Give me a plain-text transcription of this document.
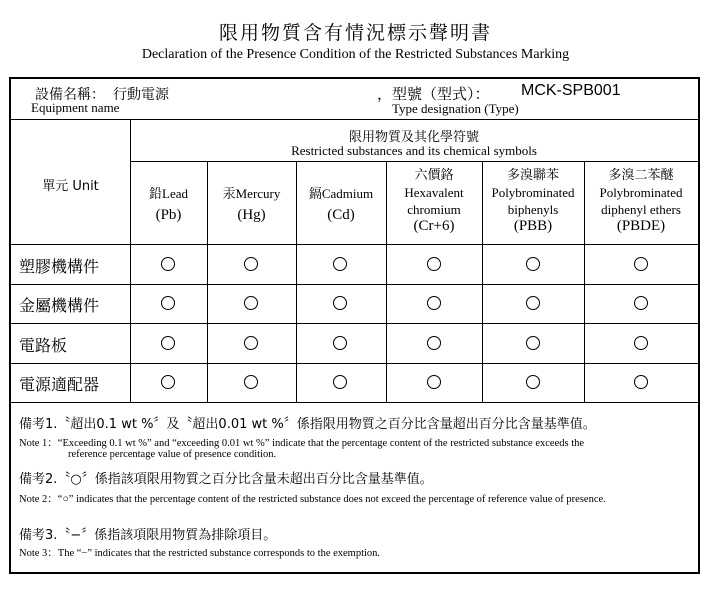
限用物質含有情況標示聲明書
Declaration of the Presence Condition of the Restricted Substances Marking
設備名稱： 行動電源
Equipment name
，型號（型式）： MCK-SPB001
Type designation (Type)
單元 Unit
限用物質及其化學符號
Restricted substances and its chemical symbols
鉛Lead
(Pb)
汞Mercury
(Hg)
鎘Cadmium
(Cd)
六價鉻
Hexavalent
chromium
(Cr+6)
多溴聯苯
Polybrominated
biphenyls
(PBB)
多溴二苯醚
Polybrominated
diphenyl ethers
(PBDE)
塑膠機構件
金屬機構件
電路板
電源適配器
備考1.〝超出0.1 wt %〞及〝超出0.01 wt %〞係指限用物質之百分比含量超出百分比含量基準值。
Note 1：“Exceeding 0.1 wt %” and “exceeding 0.01 wt %” indicate that the percentage content of the restricted substance exceeds the
reference percentage value of presence condition.
備考2.〝○〞係指該項限用物質之百分比含量未超出百分比含量基準值。
Note 2：“○” indicates that the percentage content of the restricted substance does not exceed the percentage of reference value of presence.
備考3.〝−〞係指該項限用物質為排除項目。
Note 3：The “−” indicates that the restricted substance corresponds to the exemption.
